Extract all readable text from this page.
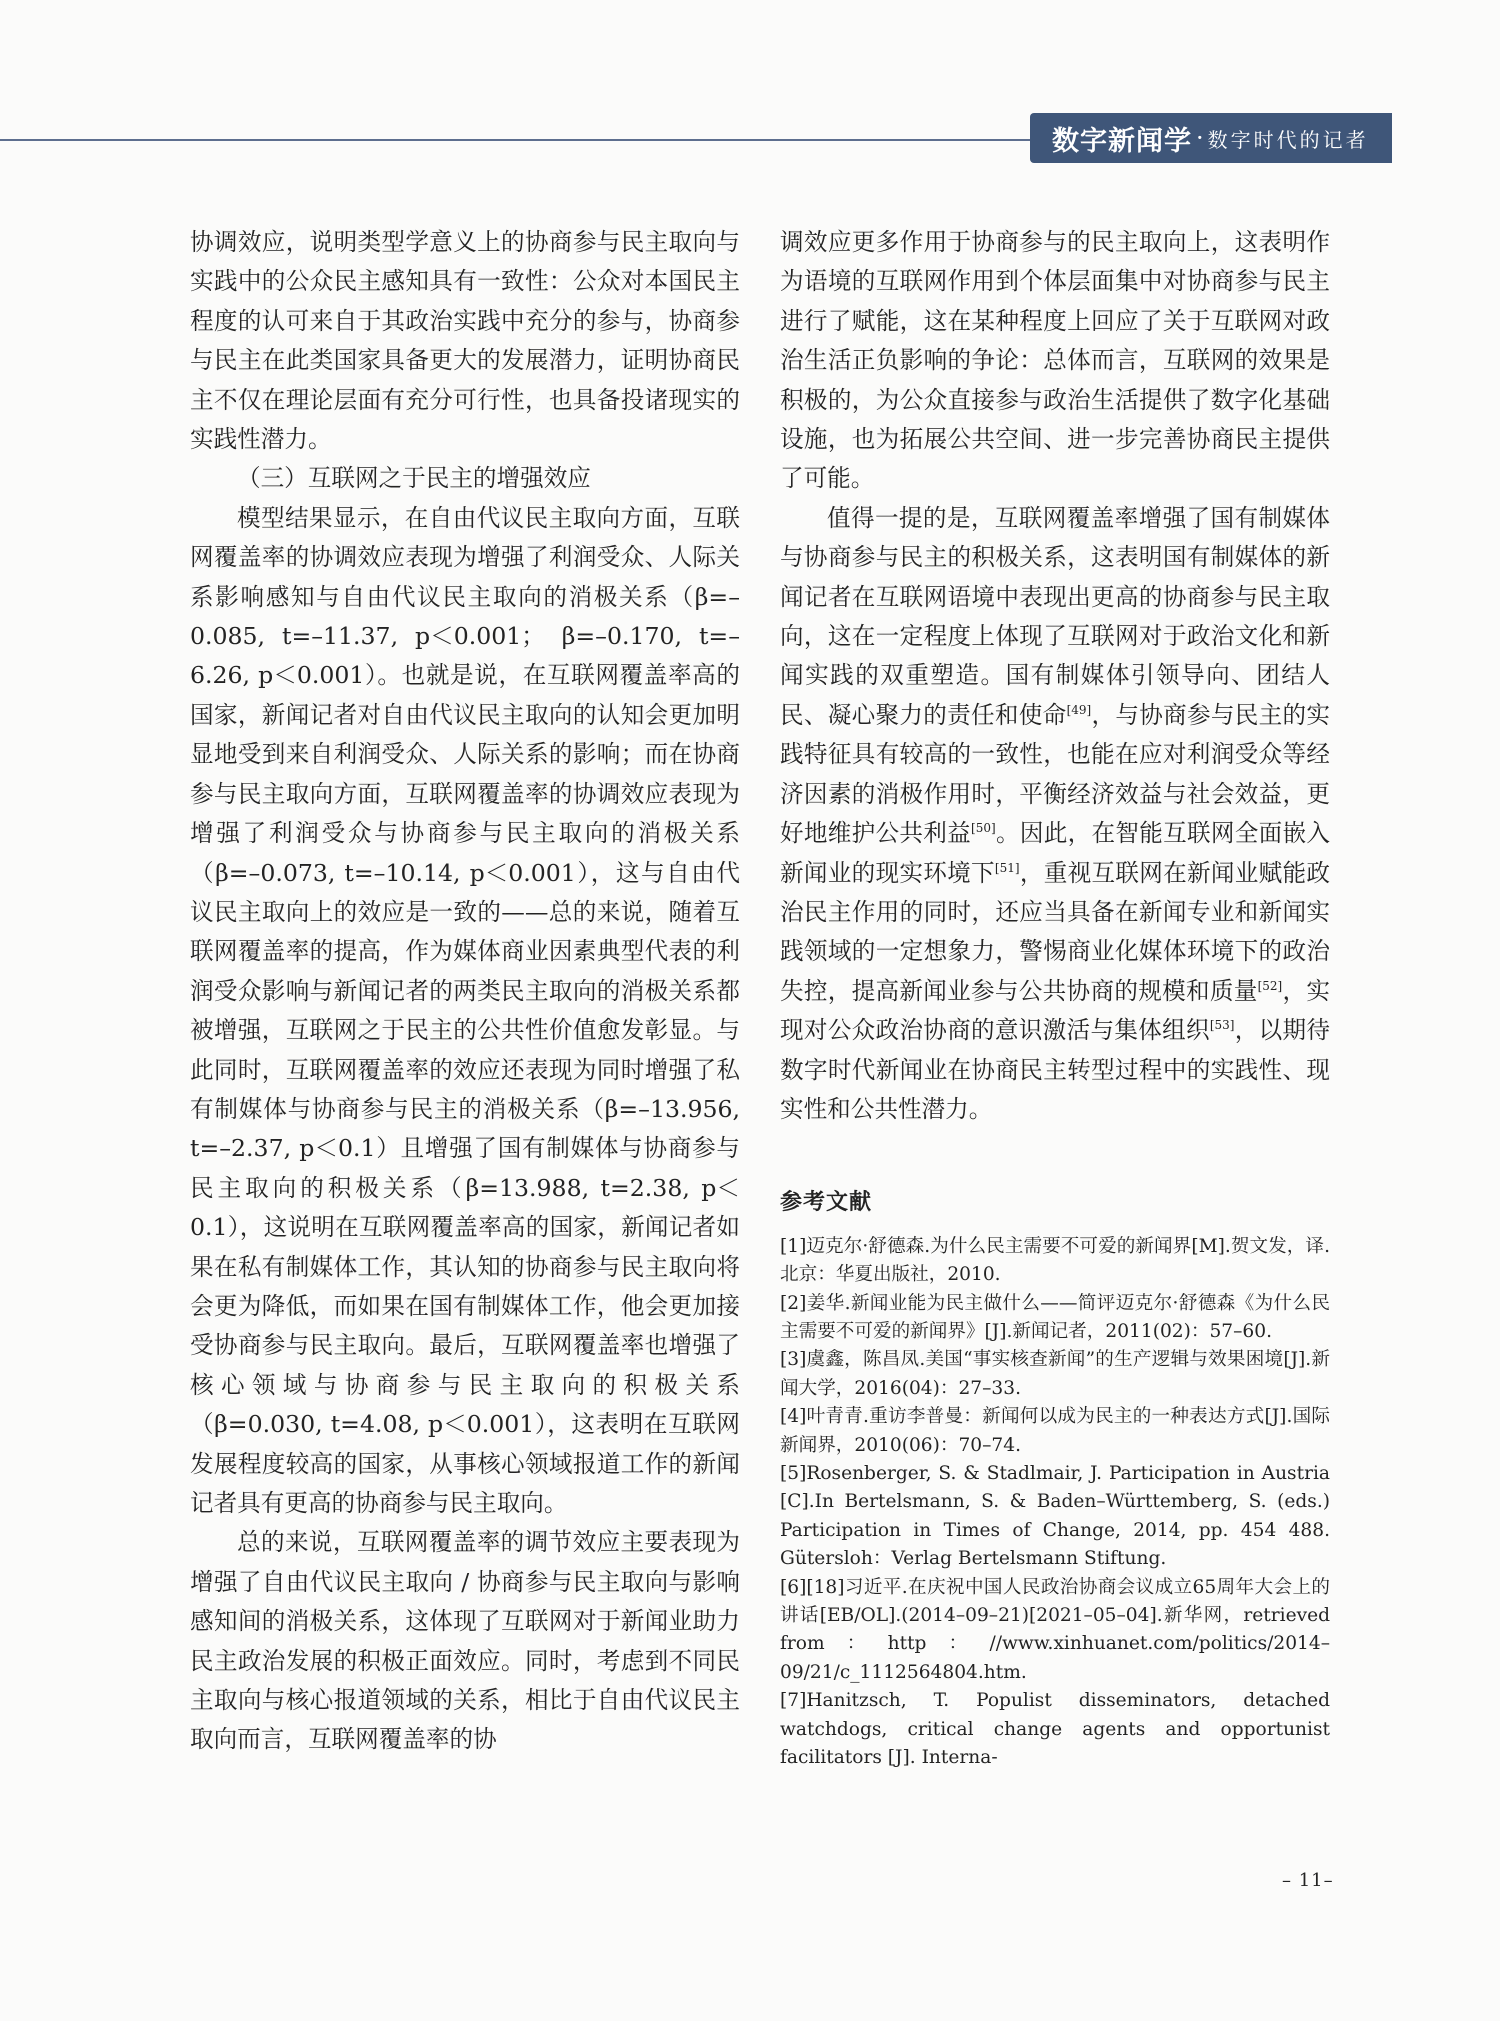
数字新闻学 · 数字时代的记者

协调效应，说明类型学意义上的协商参与民主取向与实践中的公众民主感知具有一致性：公众对本国民主程度的认可来自于其政治实践中充分的参与，协商参与民主在此类国家具备更大的发展潜力，证明协商民主不仅在理论层面有充分可行性，也具备投诸现实的实践性潜力。

（三）互联网之于民主的增强效应

模型结果显示，在自由代议民主取向方面，互联网覆盖率的协调效应表现为增强了利润受众、人际关系影响感知与自由代议民主取向的消极关系（β=–0.085, t=–11.37, p＜0.001； β=–0.170, t=–6.26, p＜0.001）。也就是说，在互联网覆盖率高的国家，新闻记者对自由代议民主取向的认知会更加明显地受到来自利润受众、人际关系的影响；而在协商参与民主取向方面，互联网覆盖率的协调效应表现为增强了利润受众与协商参与民主取向的消极关系（β=–0.073, t=–10.14, p＜0.001），这与自由代议民主取向上的效应是一致的——总的来说，随着互联网覆盖率的提高，作为媒体商业因素典型代表的利润受众影响与新闻记者的两类民主取向的消极关系都被增强，互联网之于民主的公共性价值愈发彰显。与此同时，互联网覆盖率的效应还表现为同时增强了私有制媒体与协商参与民主的消极关系（β=–13.956, t=–2.37, p＜0.1）且增强了国有制媒体与协商参与民主取向的积极关系（β=13.988, t=2.38, p＜0.1），这说明在互联网覆盖率高的国家，新闻记者如果在私有制媒体工作，其认知的协商参与民主取向将会更为降低，而如果在国有制媒体工作，他会更加接受协商参与民主取向。最后，互联网覆盖率也增强了核心领域与协商参与民主取向的积极关系（β=0.030, t=4.08, p＜0.001），这表明在互联网发展程度较高的国家，从事核心领域报道工作的新闻记者具有更高的协商参与民主取向。

总的来说，互联网覆盖率的调节效应主要表现为增强了自由代议民主取向 / 协商参与民主取向与影响感知间的消极关系，这体现了互联网对于新闻业助力民主政治发展的积极正面效应。同时，考虑到不同民主取向与核心报道领域的关系，相比于自由代议民主取向而言，互联网覆盖率的协

调效应更多作用于协商参与的民主取向上，这表明作为语境的互联网作用到个体层面集中对协商参与民主进行了赋能，这在某种程度上回应了关于互联网对政治生活正负影响的争论：总体而言，互联网的效果是积极的，为公众直接参与政治生活提供了数字化基础设施，也为拓展公共空间、进一步完善协商民主提供了可能。

值得一提的是，互联网覆盖率增强了国有制媒体与协商参与民主的积极关系，这表明国有制媒体的新闻记者在互联网语境中表现出更高的协商参与民主取向，这在一定程度上体现了互联网对于政治文化和新闻实践的双重塑造。国有制媒体引领导向、团结人民、凝心聚力的责任和使命[49]，与协商参与民主的实践特征具有较高的一致性，也能在应对利润受众等经济因素的消极作用时，平衡经济效益与社会效益，更好地维护公共利益[50]。因此，在智能互联网全面嵌入新闻业的现实环境下[51]，重视互联网在新闻业赋能政治民主作用的同时，还应当具备在新闻专业和新闻实践领域的一定想象力，警惕商业化媒体环境下的政治失控，提高新闻业参与公共协商的规模和质量[52]，实现对公众政治协商的意识激活与集体组织[53]，以期待数字时代新闻业在协商民主转型过程中的实践性、现实性和公共性潜力。

参考文献
[1]迈克尔·舒德森.为什么民主需要不可爱的新闻界[M].贺文发，译.北京：华夏出版社，2010.
[2]姜华.新闻业能为民主做什么——简评迈克尔·舒德森《为什么民主需要不可爱的新闻界》[J].新闻记者，2011(02)：57–60.
[3]虞鑫，陈昌凤.美国“事实核查新闻”的生产逻辑与效果困境[J].新闻大学，2016(04)：27–33.
[4]叶青青.重访李普曼：新闻何以成为民主的一种表达方式[J].国际新闻界，2010(06)：70–74.
[5]Rosenberger, S. & Stadlmair, J. Participation in Austria [C].In Bertelsmann, S. & Baden–Württemberg, S. (eds.) Participation in Times of Change, 2014, pp. 454 488. Gütersloh：Verlag Bertelsmann Stiftung.
[6][18]习近平.在庆祝中国人民政治协商会议成立65周年大会上的讲话[EB/OL].(2014–09–21)[2021–05–04].新华网，retrieved from：http：//www.xinhuanet.com/politics/2014–09/21/c_1112564804.htm.
[7]Hanitzsch, T. Populist disseminators, detached watchdogs, critical change agents and opportunist facilitators [J]. Interna-
– 11–
